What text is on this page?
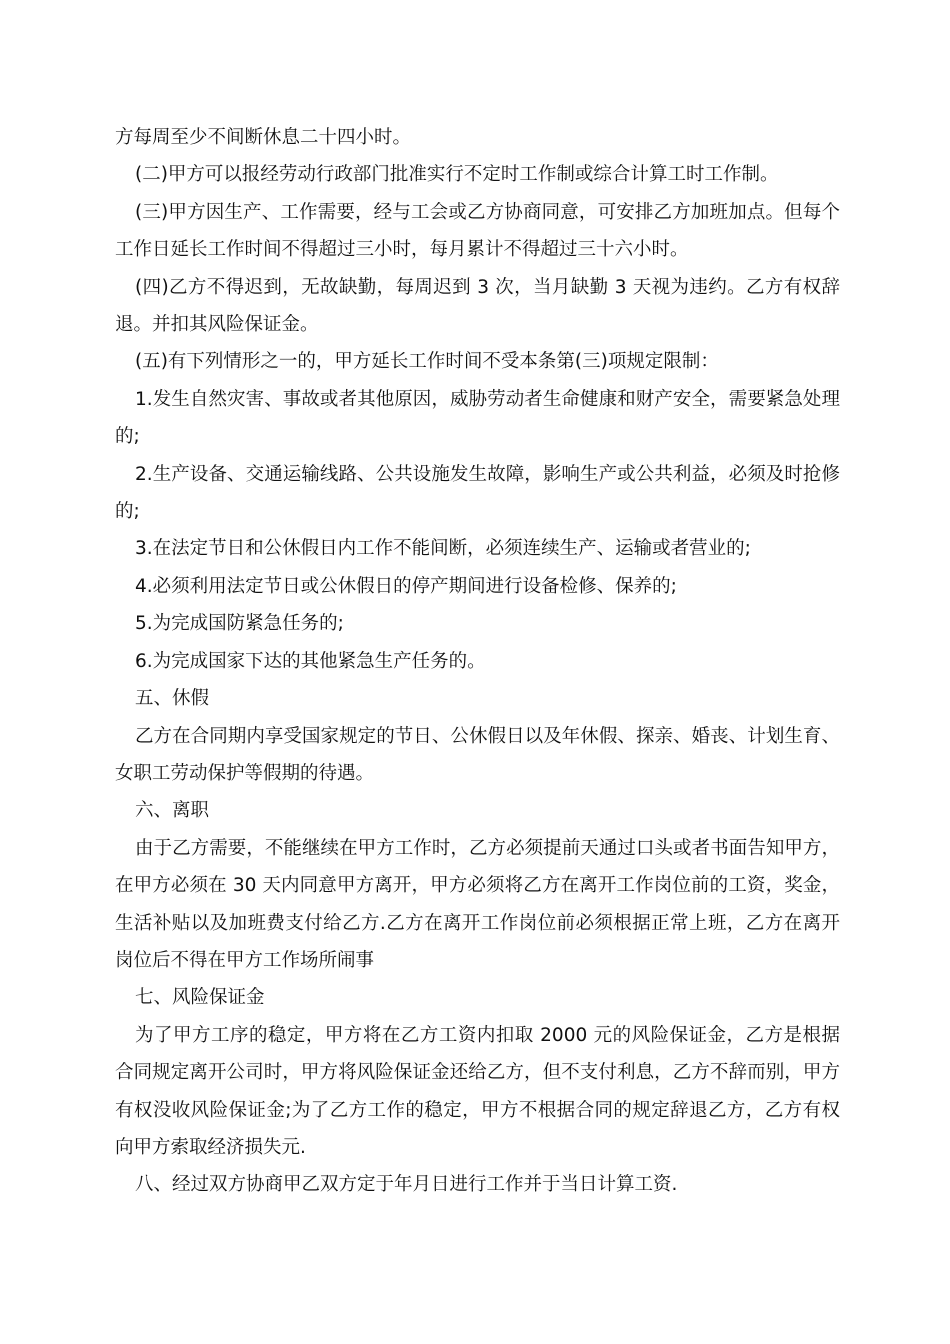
方每周至少不间断休息二十四小时。

(二)甲方可以报经劳动行政部门批准实行不定时工作制或综合计算工时工作制。

(三)甲方因生产、工作需要，经与工会或乙方协商同意，可安排乙方加班加点。但每个工作日延长工作时间不得超过三小时，每月累计不得超过三十六小时。

(四)乙方不得迟到，无故缺勤，每周迟到 3 次，当月缺勤 3 天视为违约。乙方有权辞退。并扣其风险保证金。

(五)有下列情形之一的，甲方延长工作时间不受本条第(三)项规定限制：

1.发生自然灾害、事故或者其他原因，威胁劳动者生命健康和财产安全，需要紧急处理的;

2.生产设备、交通运输线路、公共设施发生故障，影响生产或公共利益，必须及时抢修的;

3.在法定节日和公休假日内工作不能间断，必须连续生产、运输或者营业的;

4.必须利用法定节日或公休假日的停产期间进行设备检修、保养的;

5.为完成国防紧急任务的;

6.为完成国家下达的其他紧急生产任务的。

五、休假

乙方在合同期内享受国家规定的节日、公休假日以及年休假、探亲、婚丧、计划生育、女职工劳动保护等假期的待遇。

六、离职

由于乙方需要，不能继续在甲方工作时，乙方必须提前天通过口头或者书面告知甲方，在甲方必须在 30 天内同意甲方离开，甲方必须将乙方在离开工作岗位前的工资，奖金，生活补贴以及加班费支付给乙方.乙方在离开工作岗位前必须根据正常上班，乙方在离开岗位后不得在甲方工作场所闹事

七、风险保证金

为了甲方工序的稳定，甲方将在乙方工资内扣取 2000 元的风险保证金，乙方是根据合同规定离开公司时，甲方将风险保证金还给乙方，但不支付利息，乙方不辞而别，甲方有权没收风险保证金;为了乙方工作的稳定，甲方不根据合同的规定辞退乙方，乙方有权向甲方索取经济损失元.

八、经过双方协商甲乙双方定于年月日进行工作并于当日计算工资.
